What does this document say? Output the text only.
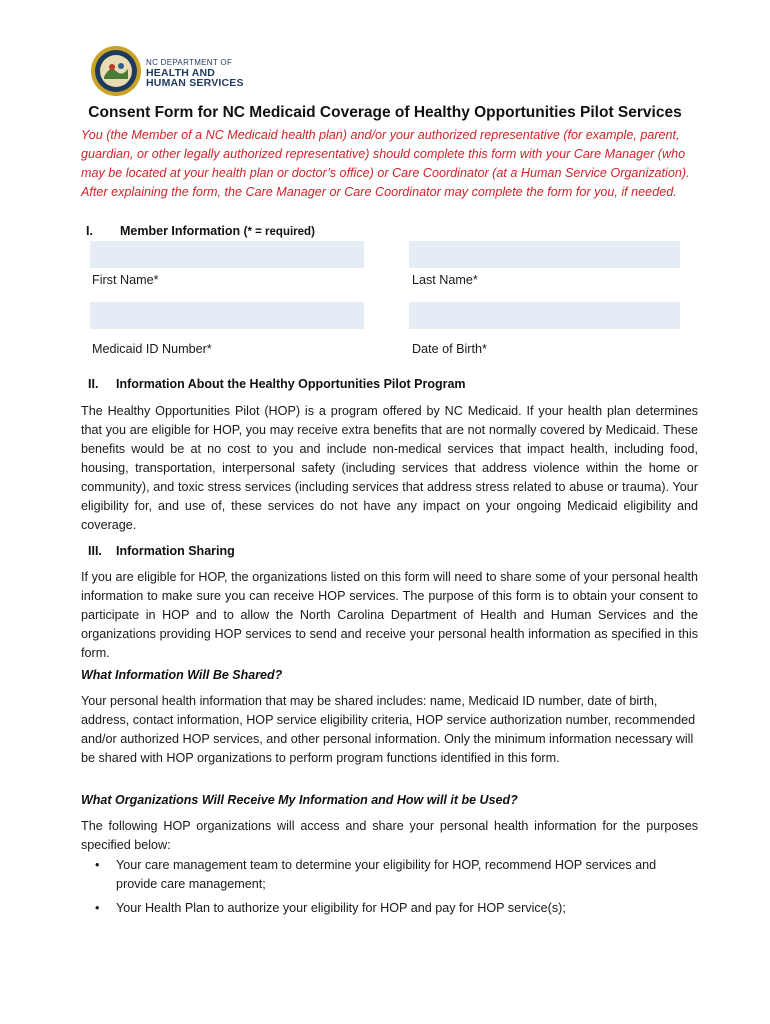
NC DEPARTMENT OF
HEALTH AND
HUMAN SERVICES
Consent Form for NC Medicaid Coverage of Healthy Opportunities Pilot Services
You (the Member of a NC Medicaid health plan) and/or your authorized representative (for example, parent, guardian, or other legally authorized representative) should complete this form with your Care Manager (who may be located at your health plan or doctor’s office) or Care Coordinator (at a Human Service Organization). After explaining the form, the Care Manager or Care Coordinator may complete the form for you, if needed.
I. Member Information (* = required)
First Name*	Last Name*
Medicaid ID Number*	Date of Birth*
II. Information About the Healthy Opportunities Pilot Program
The Healthy Opportunities Pilot (HOP) is a program offered by NC Medicaid. If your health plan determines that you are eligible for HOP, you may receive extra benefits that are not normally covered by Medicaid. These benefits would be at no cost to you and include non-medical services that impact health, including food, housing, transportation, interpersonal safety (including services that address violence within the home or community), and toxic stress services (including services that address stress related to abuse or trauma). Your eligibility for, and use of, these services do not have any impact on your ongoing Medicaid eligibility and coverage.
III. Information Sharing
If you are eligible for HOP, the organizations listed on this form will need to share some of your personal health information to make sure you can receive HOP services. The purpose of this form is to obtain your consent to participate in HOP and to allow the North Carolina Department of Health and Human Services and the organizations providing HOP services to send and receive your personal health information as specified in this form.
What Information Will Be Shared?
Your personal health information that may be shared includes: name, Medicaid ID number, date of birth, address, contact information, HOP service eligibility criteria, HOP service authorization number, recommended and/or authorized HOP services, and other personal information. Only the minimum information necessary will be shared with HOP organizations to perform program functions identified in this form.
What Organizations Will Receive My Information and How will it be Used?
The following HOP organizations will access and share your personal health information for the purposes specified below:
• Your care management team to determine your eligibility for HOP, recommend HOP services and provide care management;
• Your Health Plan to authorize your eligibility for HOP and pay for HOP service(s);
